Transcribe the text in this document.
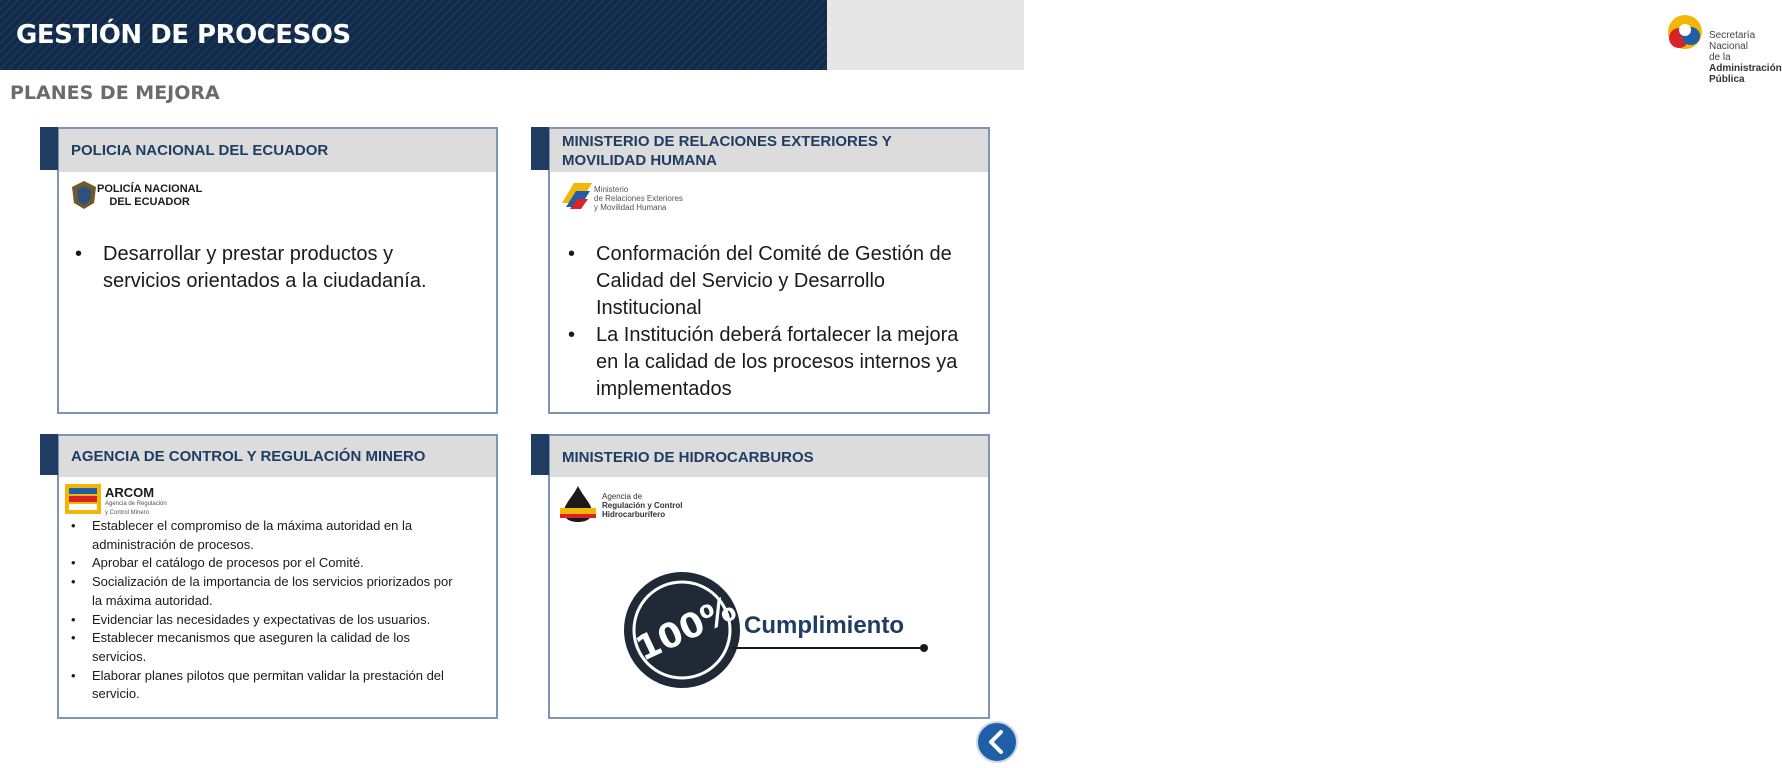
GESTIÓN DE PROCESOS	Secretaría Nacional
de la Administración Pública
PLANES DE MEJORA
POLICIA NACIONAL DEL ECUADOR
POLICÍA NACIONAL
DEL ECUADOR
• Desarrollar y prestar productos y servicios orientados a la ciudadanía.
MINISTERIO DE RELACIONES EXTERIORES Y MOVILIDAD HUMANA
Ministerio
de Relaciones Exteriores
y Movilidad Humana
• Conformación del Comité de Gestión de Calidad del Servicio y Desarrollo Institucional
• La Institución deberá fortalecer la mejora en la calidad de los procesos internos ya implementados
AGENCIA DE CONTROL Y REGULACIÓN MINERO
ARCOM
Agencia de Regulación
y Control Minero
• Establecer el compromiso de la máxima autoridad en la administración de procesos.
• Aprobar el catálogo de procesos por el Comité.
• Socialización de la importancia de los servicios priorizados por la máxima autoridad.
• Evidenciar las necesidades y expectativas de los usuarios.
• Establecer mecanismos que aseguren la calidad de los servicios.
• Elaborar planes pilotos que permitan validar la prestación del servicio.
MINISTERIO DE HIDROCARBUROS
Agencia de
Regulación y Control
Hidrocarburífero
100% Cumplimiento
